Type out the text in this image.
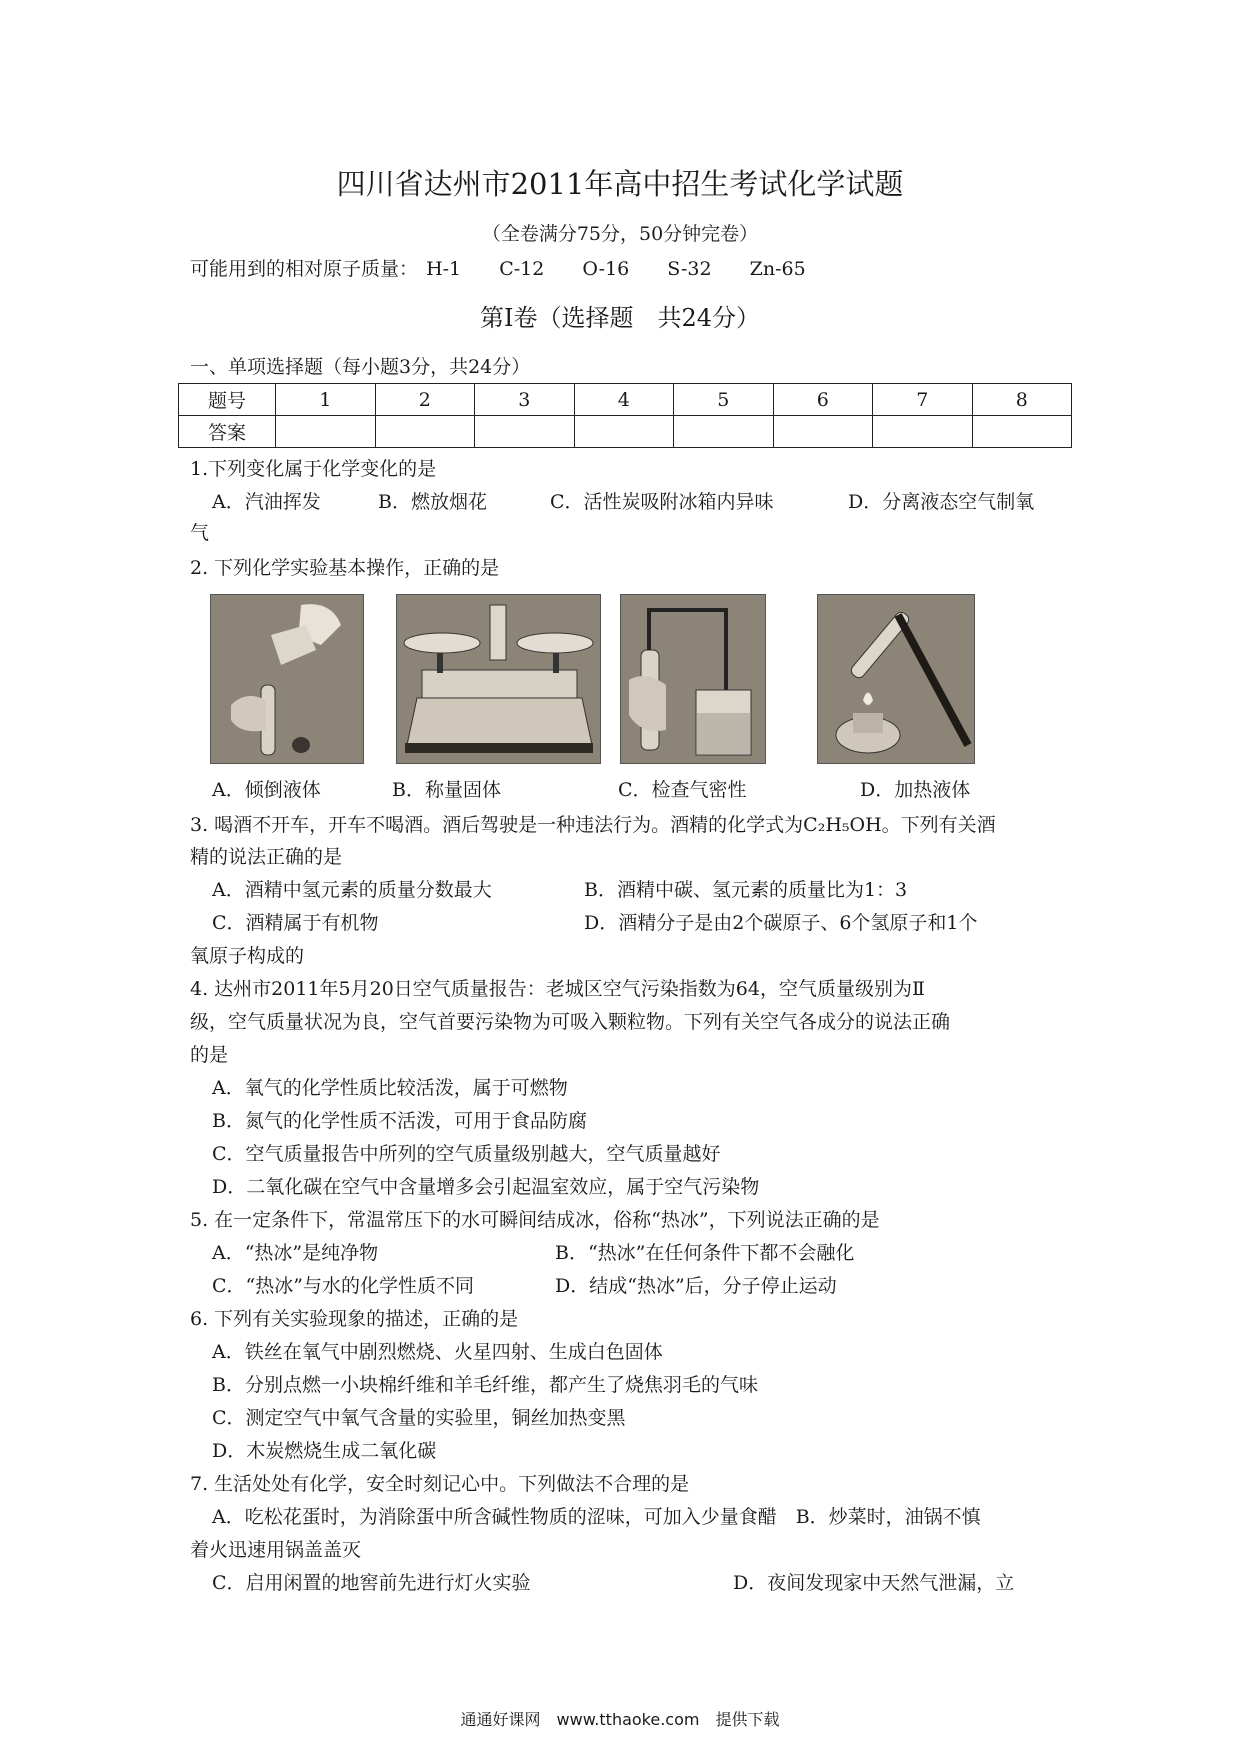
四川省达州市2011年高中招生考试化学试题
（全卷满分75分，50分钟完卷）
可能用到的相对原子质量： H-1 C-12 O-16 S-32 Zn-65
第Ⅰ卷（选择题　共24分）
一、单项选择题（每小题3分，共24分）
题号	1	2	3	4	5	6	7	8
答案								
1.下列变化属于化学变化的是
A．汽油挥发	B．燃放烟花	C．活性炭吸附冰箱内异味	D．分离液态空气制氧
气
2. 下列化学实验基本操作，正确的是
A．倾倒液体	B．称量固体	C．检查气密性	D．加热液体
3. 喝酒不开车，开车不喝酒。酒后驾驶是一种违法行为。酒精的化学式为C₂H₅OH。下列有关酒
精的说法正确的是
A．酒精中氢元素的质量分数最大	B．酒精中碳、氢元素的质量比为1：3
C．酒精属于有机物	D．酒精分子是由2个碳原子、6个氢原子和1个
氧原子构成的
4. 达州市2011年5月20日空气质量报告：老城区空气污染指数为64，空气质量级别为Ⅱ
级，空气质量状况为良，空气首要污染物为可吸入颗粒物。下列有关空气各成分的说法正确
的是
A．氧气的化学性质比较活泼，属于可燃物
B．氮气的化学性质不活泼，可用于食品防腐
C．空气质量报告中所列的空气质量级别越大，空气质量越好
D．二氧化碳在空气中含量增多会引起温室效应，属于空气污染物
5. 在一定条件下，常温常压下的水可瞬间结成冰，俗称“热冰”，下列说法正确的是
A．“热冰”是纯净物	B．“热冰”在任何条件下都不会融化
C．“热冰”与水的化学性质不同	D．结成“热冰”后，分子停止运动
6. 下列有关实验现象的描述，正确的是
A．铁丝在氧气中剧烈燃烧、火星四射、生成白色固体
B．分别点燃一小块棉纤维和羊毛纤维，都产生了烧焦羽毛的气味
C．测定空气中氧气含量的实验里，铜丝加热变黑
D．木炭燃烧生成二氧化碳
7. 生活处处有化学，安全时刻记心中。下列做法不合理的是
A．吃松花蛋时，为消除蛋中所含碱性物质的涩味，可加入少量食醋　B．炒菜时，油锅不慎
着火迅速用锅盖盖灭
C．启用闲置的地窖前先进行灯火实验	D．夜间发现家中天然气泄漏，立
通通好课网　www.tthaoke.com　提供下载
